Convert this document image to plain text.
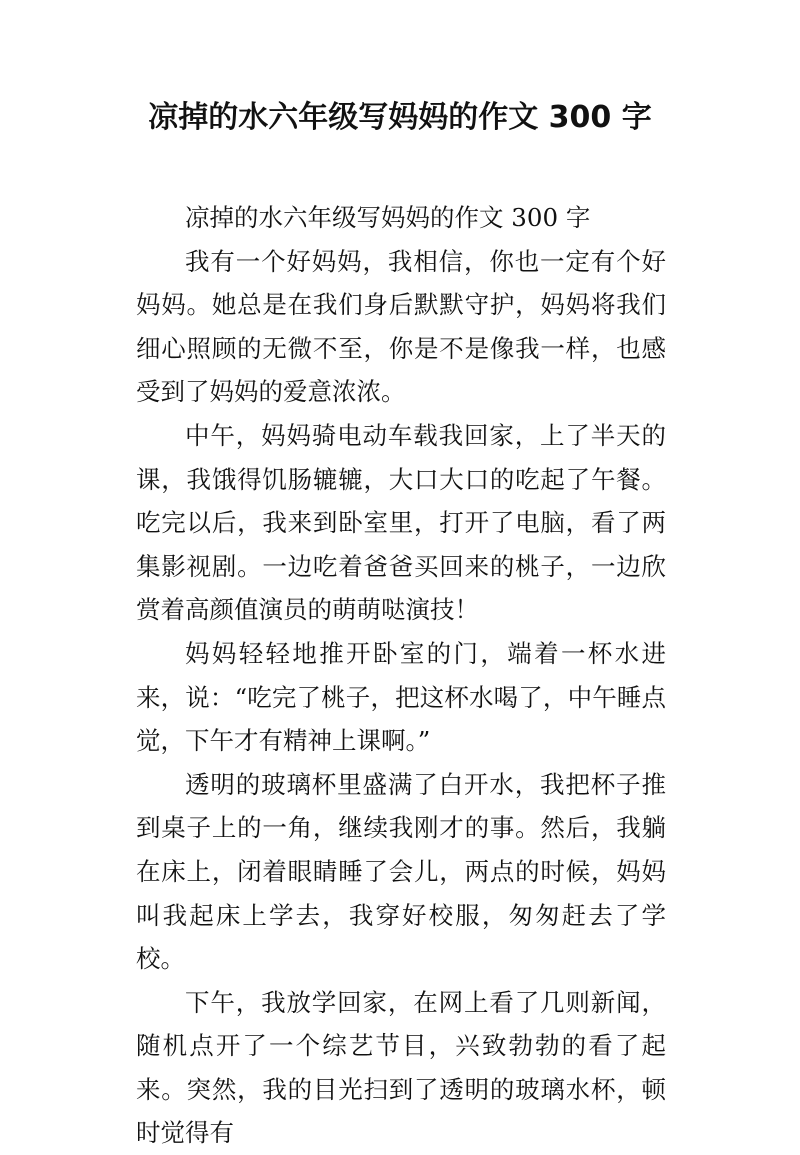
凉掉的水六年级写妈妈的作文 300 字

凉掉的水六年级写妈妈的作文 300 字

我有一个好妈妈，我相信，你也一定有个好妈妈。她总是在我们身后默默守护，妈妈将我们细心照顾的无微不至，你是不是像我一样，也感受到了妈妈的爱意浓浓。

中午，妈妈骑电动车载我回家，上了半天的课，我饿得饥肠辘辘，大口大口的吃起了午餐。吃完以后，我来到卧室里，打开了电脑，看了两集影视剧。一边吃着爸爸买回来的桃子，一边欣赏着高颜值演员的萌萌哒演技！

妈妈轻轻地推开卧室的门，端着一杯水进来，说：“吃完了桃子，把这杯水喝了，中午睡点觉，下午才有精神上课啊。”

透明的玻璃杯里盛满了白开水，我把杯子推到桌子上的一角，继续我刚才的事。然后，我躺在床上，闭着眼睛睡了会儿，两点的时候，妈妈叫我起床上学去，我穿好校服，匆匆赶去了学校。

下午，我放学回家，在网上看了几则新闻，随机点开了一个综艺节目，兴致勃勃的看了起来。突然，我的目光扫到了透明的玻璃水杯，顿时觉得有
